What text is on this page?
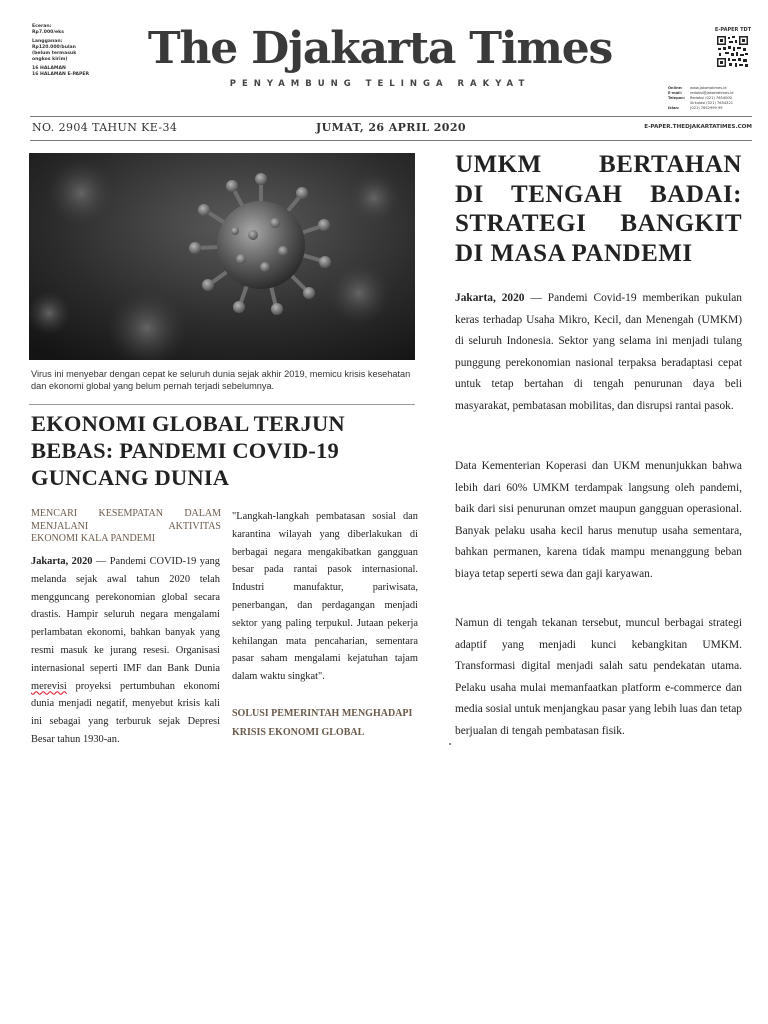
Eceran:
Rp7.000/eks
Langganan:
Rp120.000/bulan
(belum termasuk
ongkos kirim)
16 HALAMAN
16 HALAMAN E-PAPER
The Djakarta Times
PENYAMBUNG TELINGA RAKYAT
E-PAPER TDT
Online:	www.jakartatimes.id
E-mail:	redaksi@jakartatimes.id
Telepon:	Redaksi (021) 7654000
Sirkulasi (021) 7654321
Iklan:	(021) 7652999 99
NO. 2904 TAHUN KE-34	JUMAT, 26 APRIL 2020	E-PAPER.THEDJAKARTATIMES.COM
Virus ini menyebar dengan cepat ke seluruh dunia sejak akhir 2019, memicu krisis kesehatan dan ekonomi global yang belum pernah terjadi sebelumnya.
EKONOMI GLOBAL TERJUN BEBAS: PANDEMI COVID-19 GUNCANG DUNIA
MENCARI KESEMPATAN DALAM
MENJALANI AKTIVITAS
EKONOMI KALA PANDEMI
Jakarta, 2020 — Pandemi COVID-19 yang melanda sejak awal tahun 2020 telah mengguncang perekonomian global secara drastis. Hampir seluruh negara mengalami perlambatan ekonomi, bahkan banyak yang resmi masuk ke jurang resesi. Organisasi internasional seperti IMF dan Bank Dunia merevisi proyeksi pertumbuhan ekonomi dunia menjadi negatif, menyebut krisis kali ini sebagai yang terburuk sejak Depresi Besar tahun 1930-an.
"Langkah-langkah pembatasan sosial dan karantina wilayah yang diberlakukan di berbagai negara mengakibatkan gangguan besar pada rantai pasok internasional. Industri manufaktur, pariwisata, penerbangan, dan perdagangan menjadi sektor yang paling terpukul. Jutaan pekerja kehilangan mata pencaharian, sementara pasar saham mengalami kejatuhan tajam dalam waktu singkat".
SOLUSI PEMERINTAH MENGHADAPI KRISIS EKONOMI GLOBAL
UMKM BERTAHAN
DI TENGAH BADAI:
STRATEGI BANGKIT
DI MASA PANDEMI

Jakarta, 2020 — Pandemi Covid-19 memberikan pukulan keras terhadap Usaha Mikro, Kecil, dan Menengah (UMKM) di seluruh Indonesia. Sektor yang selama ini menjadi tulang punggung perekonomian nasional terpaksa beradaptasi cepat untuk tetap bertahan di tengah penurunan daya beli masyarakat, pembatasan mobilitas, dan disrupsi rantai pasok.

Data Kementerian Koperasi dan UKM menunjukkan bahwa lebih dari 60% UMKM terdampak langsung oleh pandemi, baik dari sisi penurunan omzet maupun gangguan operasional. Banyak pelaku usaha kecil harus menutup usaha sementara, bahkan permanen, karena tidak mampu menanggung beban biaya tetap seperti sewa dan gaji karyawan.

Namun di tengah tekanan tersebut, muncul berbagai strategi adaptif yang menjadi kunci kebangkitan UMKM. Transformasi digital menjadi salah satu pendekatan utama. Pelaku usaha mulai memanfaatkan platform e-commerce dan media sosial untuk menjangkau pasar yang lebih luas dan tetap berjualan di tengah pembatasan fisik.
